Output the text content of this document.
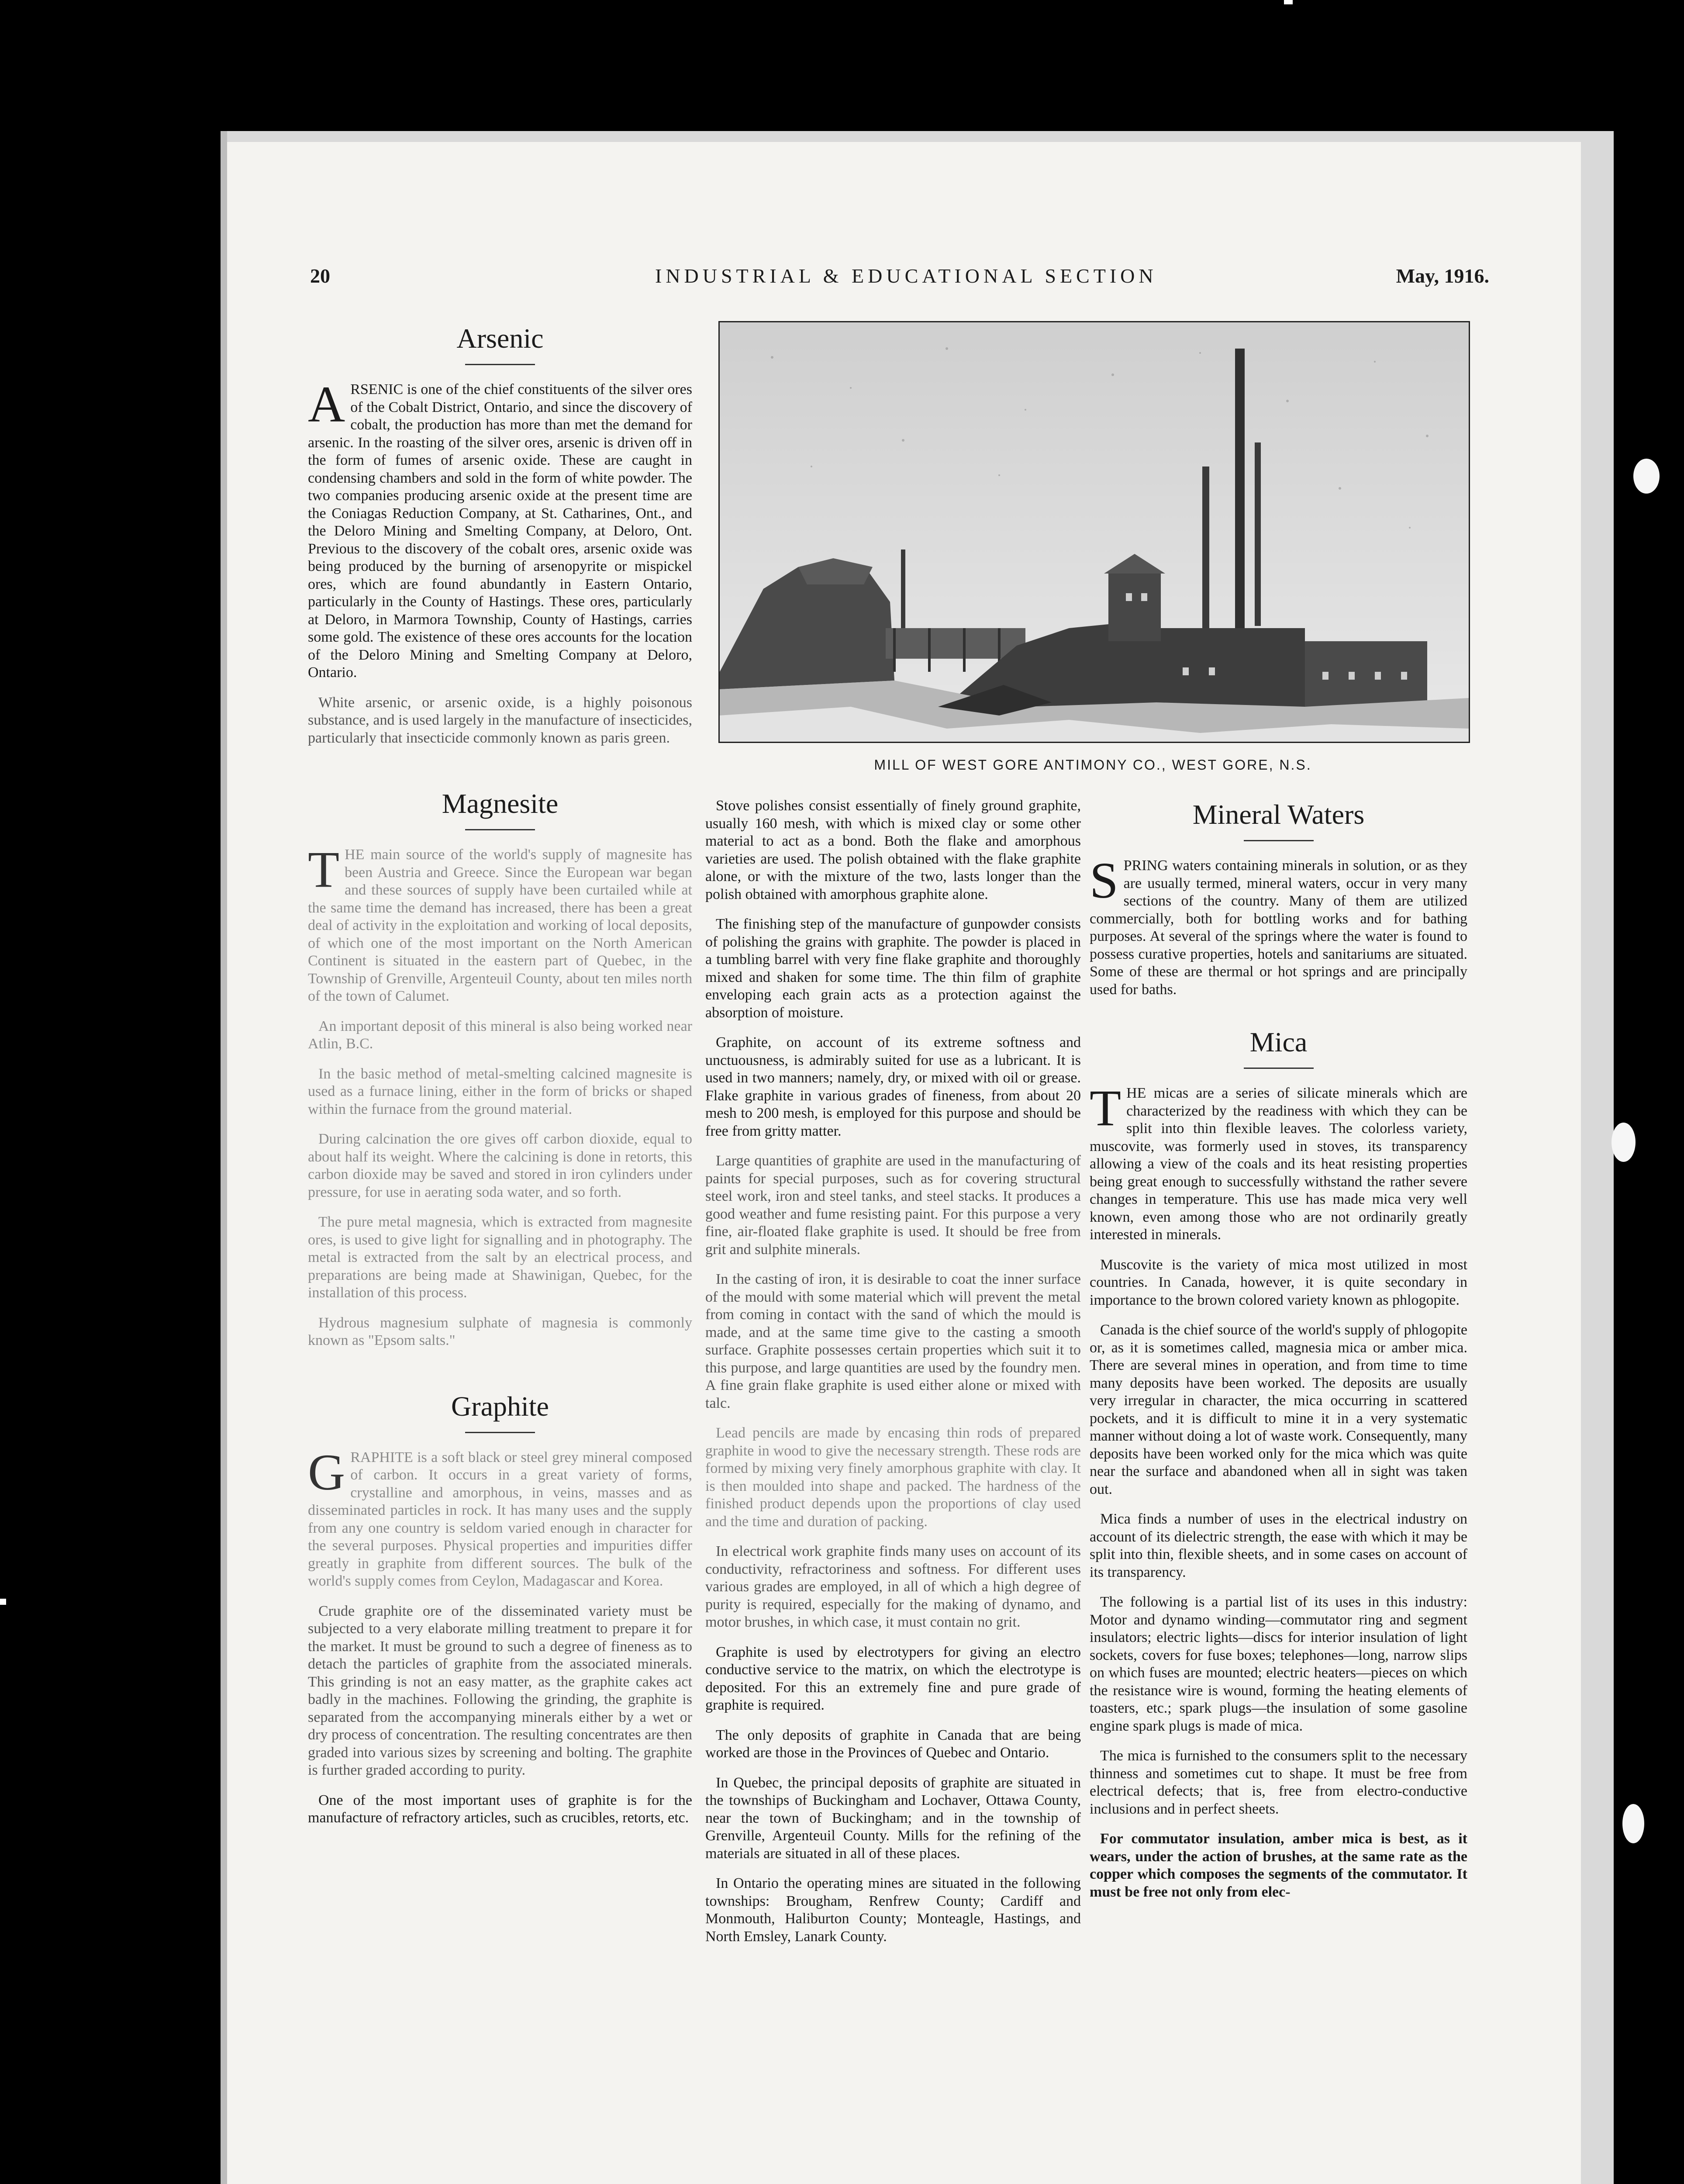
20	INDUSTRIAL & EDUCATIONAL SECTION	May, 1916.
Arsenic

ARSENIC is one of the chief constituents of the silver ores of the Cobalt District, Ontario, and since the discovery of cobalt, the production has more than met the demand for arsenic. In the roasting of the silver ores, arsenic is driven off in the form of fumes of arsenic oxide. These are caught in condensing chambers and sold in the form of white powder. The two companies producing arsenic oxide at the present time are the Coniagas Reduction Company, at St. Catharines, Ont., and the Deloro Mining and Smelting Company, at Deloro, Ont. Previous to the discovery of the cobalt ores, arsenic oxide was being produced by the burning of arsenopyrite or mispickel ores, which are found abundantly in Eastern Ontario, particularly in the County of Hastings. These ores, particularly at Deloro, in Marmora Township, County of Hastings, carries some gold. The existence of these ores accounts for the location of the Deloro Mining and Smelting Company at Deloro, Ontario.

White arsenic, or arsenic oxide, is a highly poisonous substance, and is used largely in the manufacture of insecticides, particularly that insecticide commonly known as paris green.

Magnesite

THE main source of the world's supply of magnesite has been Austria and Greece. Since the European war began and these sources of supply have been curtailed while at the same time the demand has increased, there has been a great deal of activity in the exploitation and working of local deposits, of which one of the most important on the North American Continent is situated in the eastern part of Quebec, in the Township of Grenville, Argenteuil County, about ten miles north of the town of Calumet.

An important deposit of this mineral is also being worked near Atlin, B.C.

In the basic method of metal-smelting calcined magnesite is used as a furnace lining, either in the form of bricks or shaped within the furnace from the ground material.

During calcination the ore gives off carbon dioxide, equal to about half its weight. Where the calcining is done in retorts, this carbon dioxide may be saved and stored in iron cylinders under pressure, for use in aerating soda water, and so forth.

The pure metal magnesia, which is extracted from magnesite ores, is used to give light for signalling and in photography. The metal is extracted from the salt by an electrical process, and preparations are being made at Shawinigan, Quebec, for the installation of this process.

Hydrous magnesium sulphate of magnesia is commonly known as "Epsom salts."

Graphite

GRAPHITE is a soft black or steel grey mineral composed of carbon. It occurs in a great variety of forms, crystalline and amorphous, in veins, masses and as disseminated particles in rock. It has many uses and the supply from any one country is seldom varied enough in character for the several purposes. Physical properties and impurities differ greatly in graphite from different sources. The bulk of the world's supply comes from Ceylon, Madagascar and Korea.

Crude graphite ore of the disseminated variety must be subjected to a very elaborate milling treatment to prepare it for the market. It must be ground to such a degree of fineness as to detach the particles of graphite from the associated minerals. This grinding is not an easy matter, as the graphite cakes act badly in the machines. Following the grinding, the graphite is separated from the accompanying minerals either by a wet or dry process of concentration. The resulting concentrates are then graded into various sizes by screening and bolting. The graphite is further graded according to purity.

One of the most important uses of graphite is for the manufacture of refractory articles, such as crucibles, retorts, etc.

MILL OF WEST GORE ANTIMONY CO., WEST GORE, N.S.

Stove polishes consist essentially of finely ground graphite, usually 160 mesh, with which is mixed clay or some other material to act as a bond. Both the flake and amorphous varieties are used. The polish obtained with the flake graphite alone, or with the mixture of the two, lasts longer than the polish obtained with amorphous graphite alone.

The finishing step of the manufacture of gunpowder consists of polishing the grains with graphite. The powder is placed in a tumbling barrel with very fine flake graphite and thoroughly mixed and shaken for some time. The thin film of graphite enveloping each grain acts as a protection against the absorption of moisture.

Graphite, on account of its extreme softness and unctuousness, is admirably suited for use as a lubricant. It is used in two manners; namely, dry, or mixed with oil or grease. Flake graphite in various grades of fineness, from about 20 mesh to 200 mesh, is employed for this purpose and should be free from gritty matter.

Large quantities of graphite are used in the manufacturing of paints for special purposes, such as for covering structural steel work, iron and steel tanks, and steel stacks. It produces a good weather and fume resisting paint. For this purpose a very fine, air-floated flake graphite is used. It should be free from grit and sulphite minerals.

In the casting of iron, it is desirable to coat the inner surface of the mould with some material which will prevent the metal from coming in contact with the sand of which the mould is made, and at the same time give to the casting a smooth surface. Graphite possesses certain properties which suit it to this purpose, and large quantities are used by the foundry men. A fine grain flake graphite is used either alone or mixed with talc.

Lead pencils are made by encasing thin rods of prepared graphite in wood to give the necessary strength. These rods are formed by mixing very finely amorphous graphite with clay. It is then moulded into shape and packed. The hardness of the finished product depends upon the proportions of clay used and the time and duration of packing.

In electrical work graphite finds many uses on account of its conductivity, refractoriness and softness. For different uses various grades are employed, in all of which a high degree of purity is required, especially for the making of dynamo, and motor brushes, in which case, it must contain no grit.

Graphite is used by electrotypers for giving an electro conductive service to the matrix, on which the electrotype is deposited. For this an extremely fine and pure grade of graphite is required.

The only deposits of graphite in Canada that are being worked are those in the Provinces of Quebec and Ontario.

In Quebec, the principal deposits of graphite are situated in the townships of Buckingham and Lochaver, Ottawa County, near the town of Buckingham; and in the township of Grenville, Argenteuil County. Mills for the refining of the materials are situated in all of these places.

In Ontario the operating mines are situated in the following townships: Brougham, Renfrew County; Cardiff and Monmouth, Haliburton County; Monteagle, Hastings, and North Emsley, Lanark County.

Mineral Waters

SPRING waters containing minerals in solution, or as they are usually termed, mineral waters, occur in very many sections of the country. Many of them are utilized commercially, both for bottling works and for bathing purposes. At several of the springs where the water is found to possess curative properties, hotels and sanitariums are situated. Some of these are thermal or hot springs and are principally used for baths.

Mica

THE micas are a series of silicate minerals which are characterized by the readiness with which they can be split into thin flexible leaves. The colorless variety, muscovite, was formerly used in stoves, its transparency allowing a view of the coals and its heat resisting properties being great enough to successfully withstand the rather severe changes in temperature. This use has made mica very well known, even among those who are not ordinarily greatly interested in minerals.

Muscovite is the variety of mica most utilized in most countries. In Canada, however, it is quite secondary in importance to the brown colored variety known as phlogopite.

Canada is the chief source of the world's supply of phlogopite or, as it is sometimes called, magnesia mica or amber mica. There are several mines in operation, and from time to time many deposits have been worked. The deposits are usually very irregular in character, the mica occurring in scattered pockets, and it is difficult to mine it in a very systematic manner without doing a lot of waste work. Consequently, many deposits have been worked only for the mica which was quite near the surface and abandoned when all in sight was taken out.

Mica finds a number of uses in the electrical industry on account of its dielectric strength, the ease with which it may be split into thin, flexible sheets, and in some cases on account of its transparency.

The following is a partial list of its uses in this industry: Motor and dynamo winding—commutator ring and segment insulators; electric lights—discs for interior insulation of light sockets, covers for fuse boxes; telephones—long, narrow slips on which fuses are mounted; electric heaters—pieces on which the resistance wire is wound, forming the heating elements of toasters, etc.; spark plugs—the insulation of some gasoline engine spark plugs is made of mica.

The mica is furnished to the consumers split to the necessary thinness and sometimes cut to shape. It must be free from electrical defects; that is, free from electro-conductive inclusions and in perfect sheets.

For commutator insulation, amber mica is best, as it wears, under the action of brushes, at the same rate as the copper which composes the segments of the commutator. It must be free not only from elec-
